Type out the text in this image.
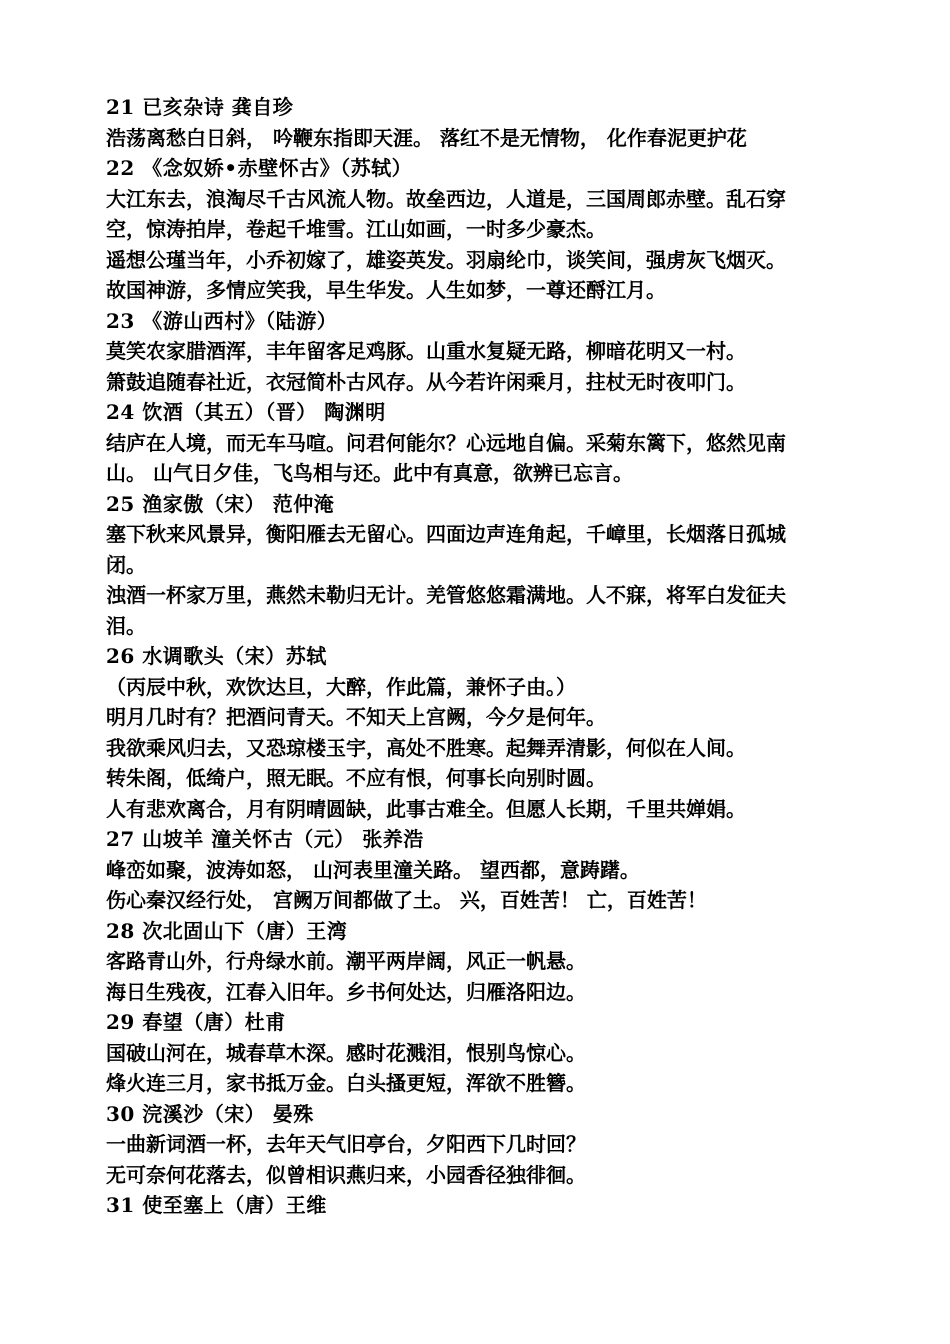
21 已亥杂诗 龚自珍
浩荡离愁白日斜， 吟鞭东指即天涯。 落红不是无情物， 化作春泥更护花
22 《念奴娇•赤壁怀古》（苏轼）
大江东去，浪淘尽千古风流人物。故垒西边，人道是，三国周郎赤壁。乱石穿
空，惊涛拍岸，卷起千堆雪。江山如画，一时多少豪杰。
遥想公瑾当年，小乔初嫁了，雄姿英发。羽扇纶巾，谈笑间，强虏灰飞烟灭。
故国神游，多情应笑我，早生华发。人生如梦，一尊还酹江月。
23 《游山西村》（陆游）
莫笑农家腊酒浑，丰年留客足鸡豚。山重水复疑无路，柳暗花明又一村。
箫鼓追随春社近，衣冠简朴古风存。从今若许闲乘月，拄杖无时夜叩门。
24 饮酒（其五）（晋） 陶渊明
结庐在人境，而无车马喧。问君何能尔？心远地自偏。采菊东篱下，悠然见南
山。 山气日夕佳，飞鸟相与还。此中有真意，欲辨已忘言。
25 渔家傲（宋） 范仲淹
塞下秋来风景异，衡阳雁去无留心。四面边声连角起，千嶂里，长烟落日孤城
闭。
浊酒一杯家万里，燕然未勒归无计。羌管悠悠霜满地。人不寐，将军白发征夫
泪。
26 水调歌头（宋）苏轼
（丙辰中秋，欢饮达旦，大醉，作此篇，兼怀子由。）
明月几时有？把酒问青天。不知天上宫阙，今夕是何年。
我欲乘风归去，又恐琼楼玉宇，高处不胜寒。起舞弄清影，何似在人间。
转朱阁，低绮户，照无眠。不应有恨，何事长向别时圆。
人有悲欢离合，月有阴晴圆缺，此事古难全。但愿人长期，千里共婵娟。
27 山坡羊 潼关怀古（元） 张养浩
峰峦如聚，波涛如怒， 山河表里潼关路。 望西都，意踌躇。
伤心秦汉经行处， 宫阙万间都做了土。 兴，百姓苦！ 亡，百姓苦！
28 次北固山下（唐）王湾
客路青山外，行舟绿水前。潮平两岸阔，风正一帆悬。
海日生残夜，江春入旧年。乡书何处达，归雁洛阳边。
29 春望（唐）杜甫
国破山河在，城春草木深。感时花溅泪，恨别鸟惊心。
烽火连三月，家书抵万金。白头搔更短，浑欲不胜簪。
30 浣溪沙（宋） 晏殊
一曲新词酒一杯，去年天气旧亭台，夕阳西下几时回？
无可奈何花落去，似曾相识燕归来，小园香径独徘徊。
31 使至塞上（唐）王维
